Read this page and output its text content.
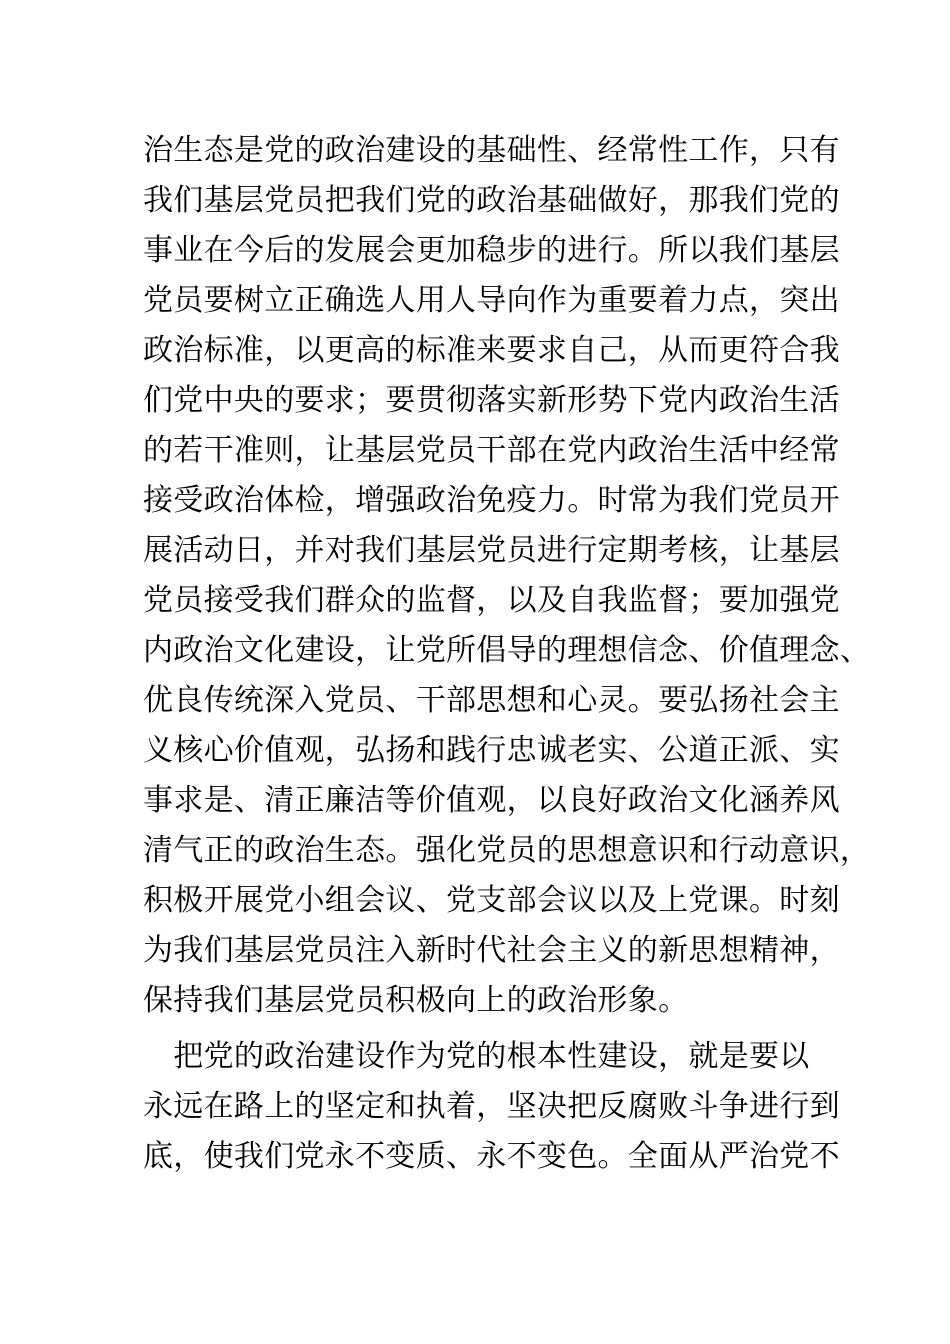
治生态是党的政治建设的基础性、经常性工作，只有
我们基层党员把我们党的政治基础做好，那我们党的
事业在今后的发展会更加稳步的进行。所以我们基层
党员要树立正确选人用人导向作为重要着力点，突出
政治标准，以更高的标准来要求自己，从而更符合我
们党中央的要求；要贯彻落实新形势下党内政治生活
的若干准则，让基层党员干部在党内政治生活中经常
接受政治体检，增强政治免疫力。时常为我们党员开
展活动日，并对我们基层党员进行定期考核，让基层
党员接受我们群众的监督，以及自我监督；要加强党
内政治文化建设，让党所倡导的理想信念、价值理念、
优良传统深入党员、干部思想和心灵。要弘扬社会主
义核心价值观，弘扬和践行忠诚老实、公道正派、实
事求是、清正廉洁等价值观，以良好政治文化涵养风
清气正的政治生态。强化党员的思想意识和行动意识，
积极开展党小组会议、党支部会议以及上党课。时刻
为我们基层党员注入新时代社会主义的新思想精神，
保持我们基层党员积极向上的政治形象。
　把党的政治建设作为党的根本性建设，就是要以
永远在路上的坚定和执着，坚决把反腐败斗争进行到
底，使我们党永不变质、永不变色。全面从严治党不
